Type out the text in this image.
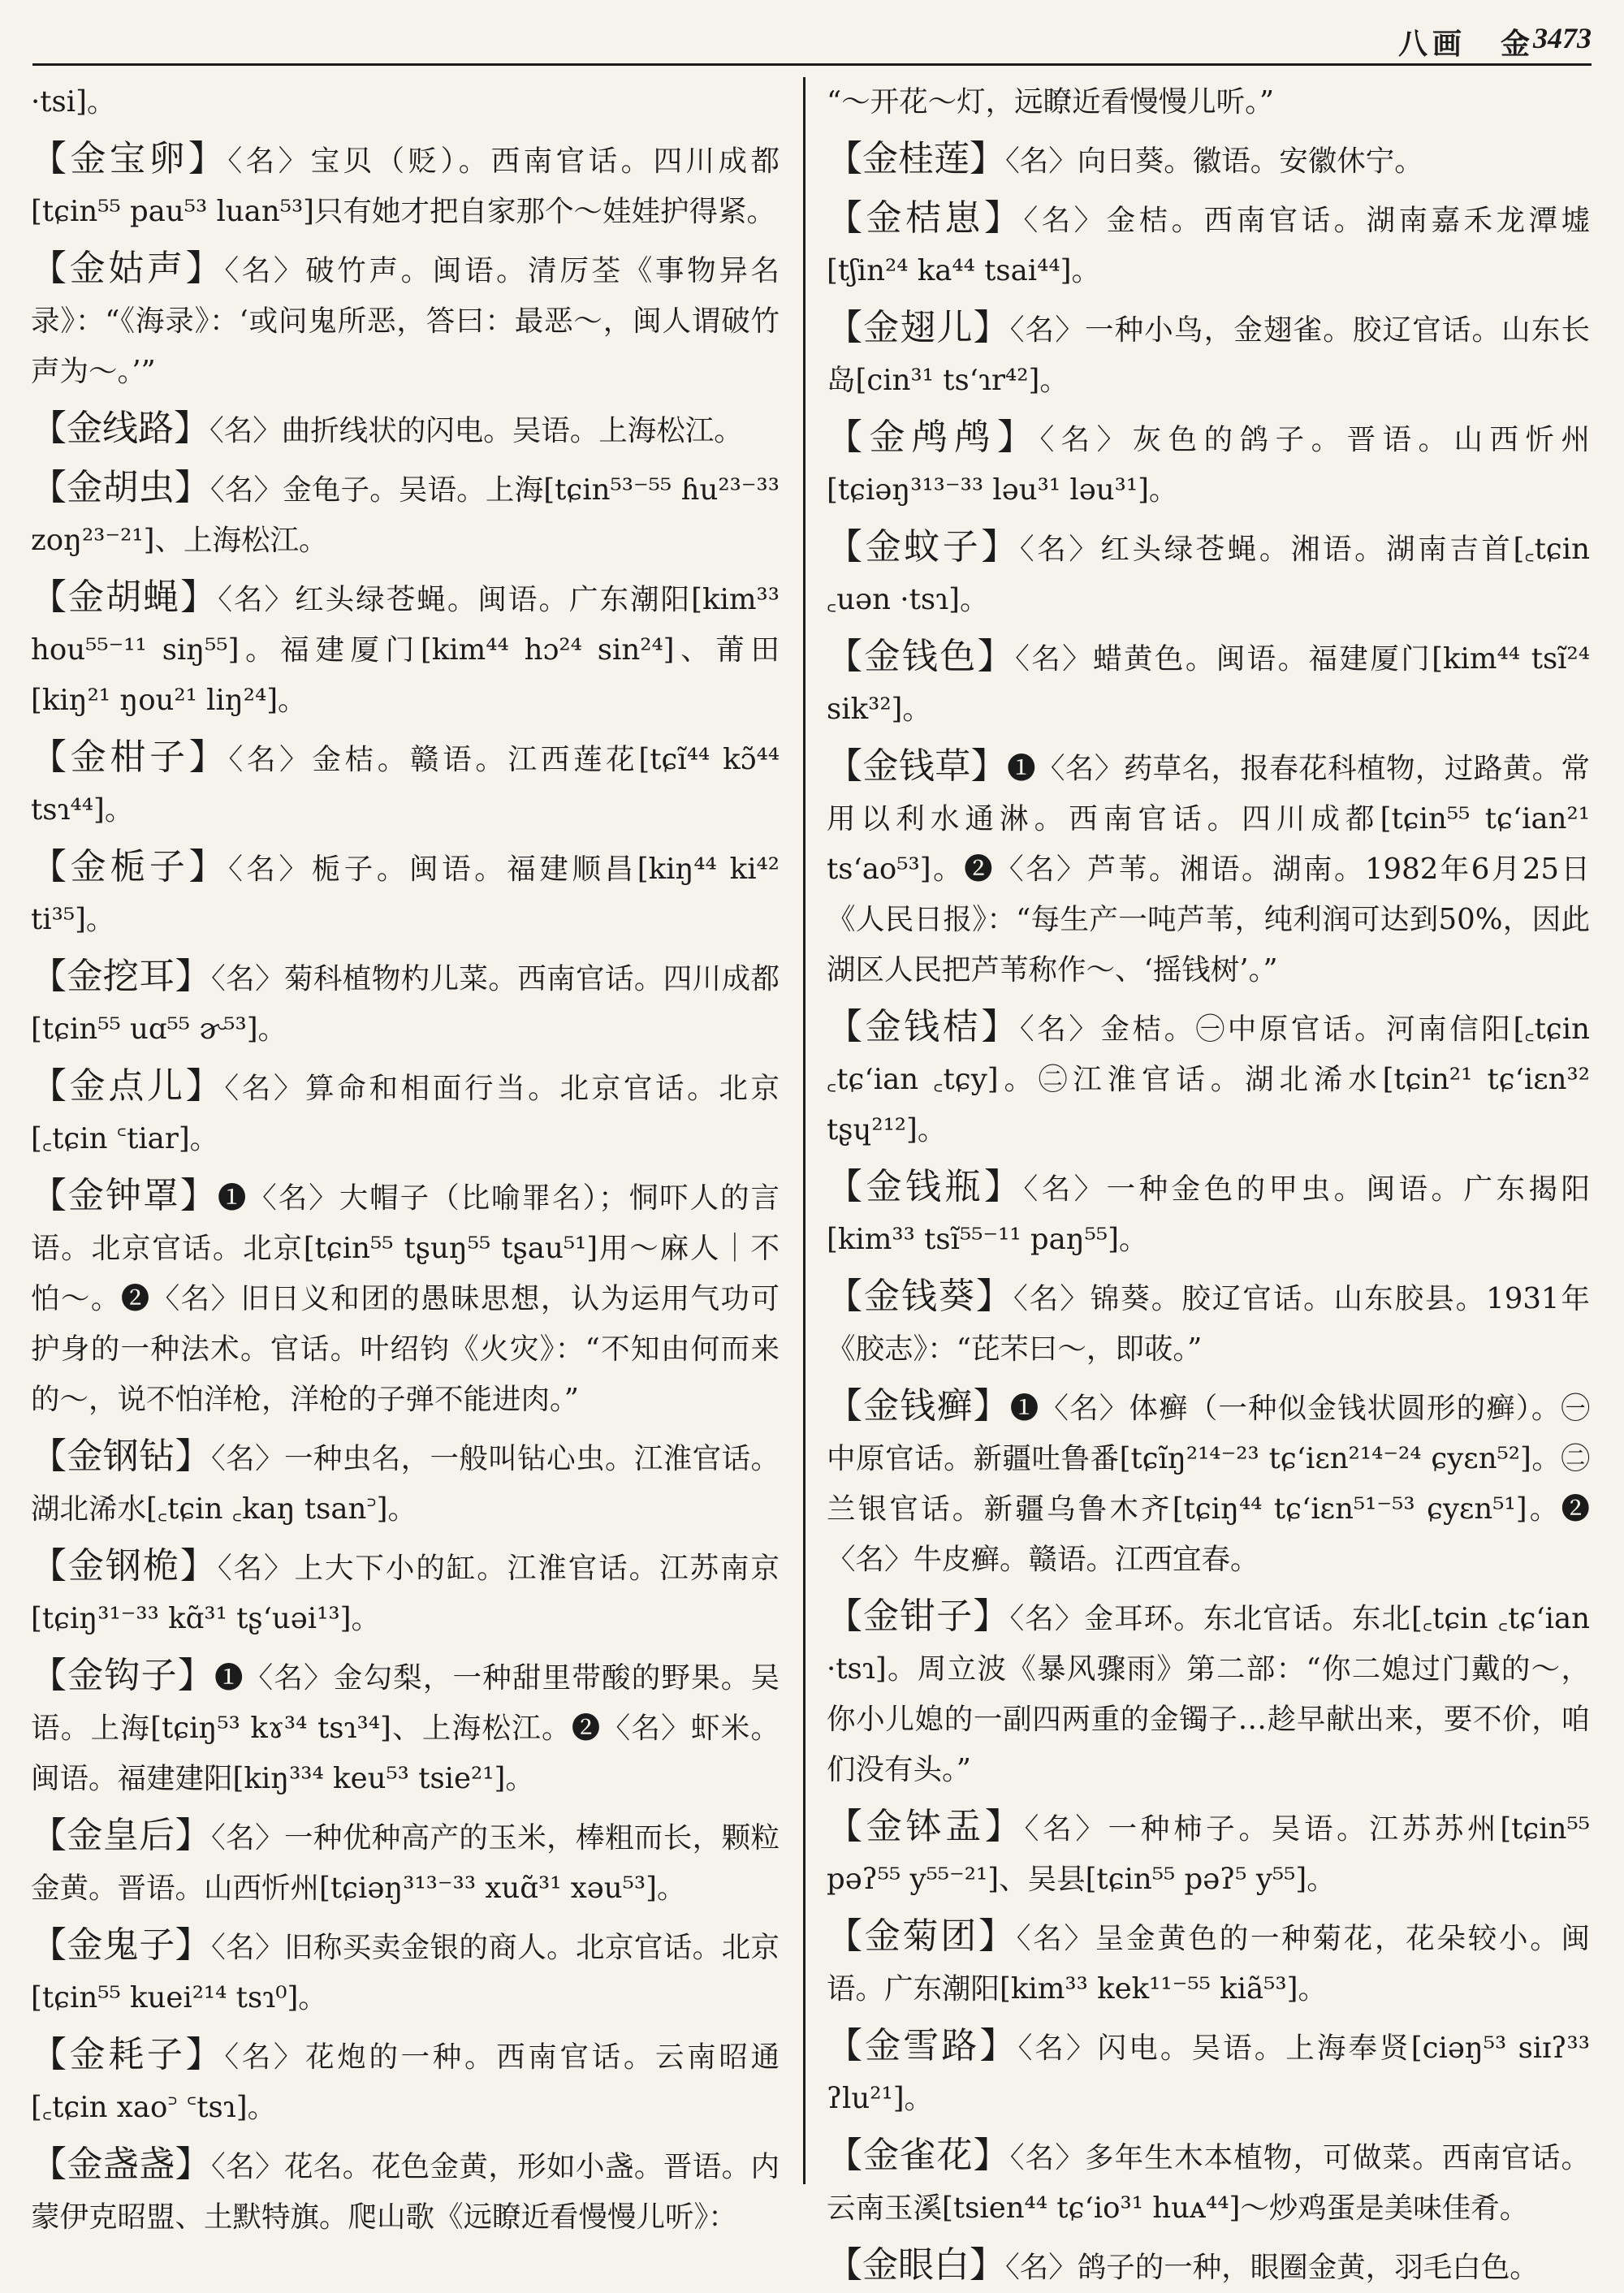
八画　金
3473

·tsi]。

【金宝卵】〈名〉宝贝（贬）。西南官话。四川成都[tɕin⁵⁵ pau⁵³ luan⁵³]只有她才把自家那个～娃娃护得紧。

【金姑声】〈名〉破竹声。闽语。清厉荃《事物异名录》：“《海录》：‘或问鬼所恶，答曰：最恶～，闽人谓破竹声为～。’”

【金线路】〈名〉曲折线状的闪电。吴语。上海松江。

【金胡虫】〈名〉金龟子。吴语。上海[tɕin⁵³⁻⁵⁵ ɦu²³⁻³³ zoŋ²³⁻²¹]、上海松江。

【金胡蝇】〈名〉红头绿苍蝇。闽语。广东潮阳[kim³³ hou⁵⁵⁻¹¹ siŋ⁵⁵]。福建厦门[kim⁴⁴ hɔ²⁴ sin²⁴]、莆田[kiŋ²¹ ŋou²¹ liŋ²⁴]。

【金柑子】〈名〉金桔。赣语。江西莲花[tɕĩ⁴⁴ kɔ̃⁴⁴ tsɿ⁴⁴]。

【金栀子】〈名〉栀子。闽语。福建顺昌[kiŋ⁴⁴ ki⁴² ti³⁵]。

【金挖耳】〈名〉菊科植物杓儿菜。西南官话。四川成都[tɕin⁵⁵ uɑ⁵⁵ ɚ⁵³]。

【金点儿】〈名〉算命和相面行当。北京官话。北京[꜀tɕin ꜂tiar]。

【金钟罩】❶〈名〉大帽子（比喻罪名）；恫吓人的言语。北京官话。北京[tɕin⁵⁵ tʂuŋ⁵⁵ tʂau⁵¹]用～麻人｜不怕～。❷〈名〉旧日义和团的愚昧思想，认为运用气功可护身的一种法术。官话。叶绍钧《火灾》：“不知由何而来的～，说不怕洋枪，洋枪的子弹不能进肉。”

【金钢钻】〈名〉一种虫名，一般叫钻心虫。江淮官话。湖北浠水[꜀tɕin ꜀kaŋ tsan꜄]。

【金钢桅】〈名〉上大下小的缸。江淮官话。江苏南京[tɕiŋ³¹⁻³³ kɑ̃³¹ tʂʻuəi¹³]。

【金钩子】❶〈名〉金勾梨，一种甜里带酸的野果。吴语。上海[tɕiŋ⁵³ kɤ³⁴ tsɿ³⁴]、上海松江。❷〈名〉虾米。闽语。福建建阳[kiŋ³³⁴ keu⁵³ tsie²¹]。

【金皇后】〈名〉一种优种高产的玉米，棒粗而长，颗粒金黄。晋语。山西忻州[tɕiəŋ³¹³⁻³³ xuɑ̃³¹ xəu⁵³]。

【金鬼子】〈名〉旧称买卖金银的商人。北京官话。北京[tɕin⁵⁵ kuei²¹⁴ tsɿ⁰]。

【金耗子】〈名〉花炮的一种。西南官话。云南昭通[꜀tɕin xao꜄ ꜂tsɿ]。

【金盏盏】〈名〉花名。花色金黄，形如小盏。晋语。内蒙伊克昭盟、土默特旗。爬山歌《远瞭近看慢慢儿听》：

“～开花～灯，远瞭近看慢慢儿听。”

【金桂莲】〈名〉向日葵。徽语。安徽休宁。

【金桔崽】〈名〉金桔。西南官话。湖南嘉禾龙潭墟[tʃin²⁴ ka⁴⁴ tsai⁴⁴]。

【金翅儿】〈名〉一种小鸟，金翅雀。胶辽官话。山东长岛[cin³¹ tsʻɿr⁴²]。

【金鸬鸬】〈名〉灰色的鸽子。晋语。山西忻州[tɕiəŋ³¹³⁻³³ ləu³¹ ləu³¹]。

【金蚊子】〈名〉红头绿苍蝇。湘语。湖南吉首[꜀tɕin ꜀uən ·tsɿ]。

【金钱色】〈名〉蜡黄色。闽语。福建厦门[kim⁴⁴ tsĩ²⁴ sik³²]。

【金钱草】❶〈名〉药草名，报春花科植物，过路黄。常用以利水通淋。西南官话。四川成都[tɕin⁵⁵ tɕʻian²¹ tsʻao⁵³]。❷〈名〉芦苇。湘语。湖南。1982年6月25日《人民日报》：“每生产一吨芦苇，纯利润可达到50%，因此湖区人民把芦苇称作～、‘摇钱树’。”

【金钱桔】〈名〉金桔。㊀中原官话。河南信阳[꜀tɕin ꜀tɕʻian ꜀tɕy]。㊁江淮官话。湖北浠水[tɕin²¹ tɕʻiɛn³² tʂɥ²¹²]。

【金钱瓶】〈名〉一种金色的甲虫。闽语。广东揭阳[kim³³ tsĩ⁵⁵⁻¹¹ paŋ⁵⁵]。

【金钱葵】〈名〉锦葵。胶辽官话。山东胶县。1931年《胶志》：“芘芣曰～，即荍。”

【金钱癣】❶〈名〉体癣（一种似金钱状圆形的癣）。㊀中原官话。新疆吐鲁番[tɕĩŋ²¹⁴⁻²³ tɕʻiɛn²¹⁴⁻²⁴ ɕyɛn⁵²]。㊁兰银官话。新疆乌鲁木齐[tɕiŋ⁴⁴ tɕʻiɛn⁵¹⁻⁵³ ɕyɛn⁵¹]。❷〈名〉牛皮癣。赣语。江西宜春。

【金钳子】〈名〉金耳环。东北官话。东北[꜀tɕin ꜀tɕʻian ·tsɿ]。周立波《暴风骤雨》第二部：“你二媳过门戴的～，你小儿媳的一副四两重的金镯子…趁早献出来，要不价，咱们没有头。”

【金钵盂】〈名〉一种柿子。吴语。江苏苏州[tɕin⁵⁵ pəʔ⁵⁵ y⁵⁵⁻²¹]、吴县[tɕin⁵⁵ pəʔ⁵ y⁵⁵]。

【金菊团】〈名〉呈金黄色的一种菊花，花朵较小。闽语。广东潮阳[kim³³ kek¹¹⁻⁵⁵ kiã⁵³]。

【金雪路】〈名〉闪电。吴语。上海奉贤[ciəŋ⁵³ siɪʔ³³ ʔlu²¹]。

【金雀花】〈名〉多年生木本植物，可做菜。西南官话。云南玉溪[tsien⁴⁴ tɕʻio³¹ huᴀ⁴⁴]～炒鸡蛋是美味佳肴。

【金眼白】〈名〉鸽子的一种，眼圈金黄，羽毛白色。
